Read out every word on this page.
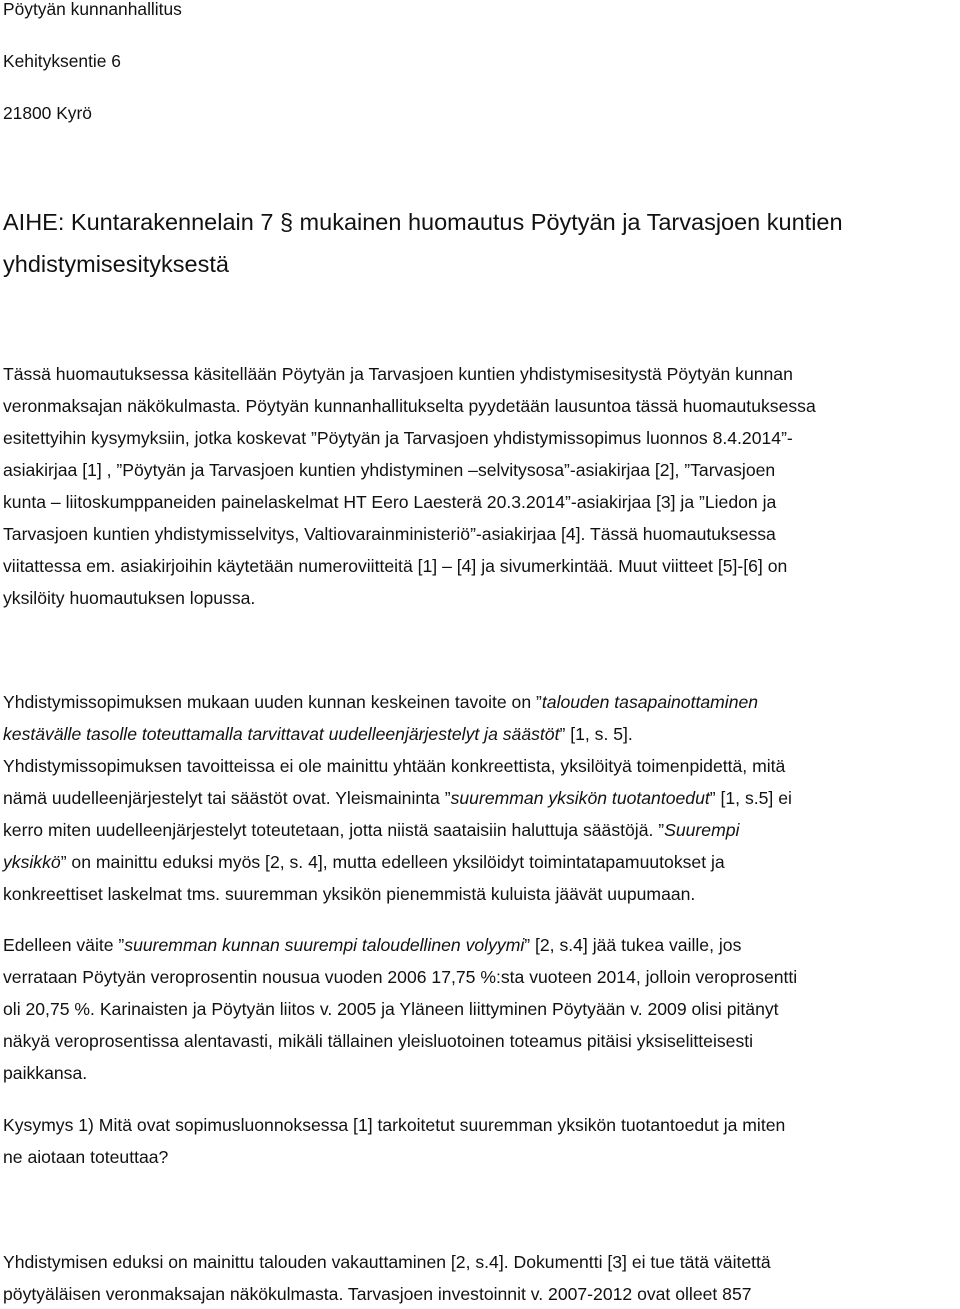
Pöytyän kunnanhallitus
Kehityksentie 6
21800 Kyrö
AIHE: Kuntarakennelain 7 § mukainen huomautus Pöytyän ja Tarvasjoen kuntien
yhdistymisesityksestä
Tässä huomautuksessa käsitellään Pöytyän ja Tarvasjoen kuntien yhdistymisesitystä Pöytyän kunnan
veronmaksajan näkökulmasta. Pöytyän kunnanhallitukselta pyydetään lausuntoa tässä huomautuksessa
esitettyihin kysymyksiin, jotka koskevat ”Pöytyän ja Tarvasjoen yhdistymissopimus luonnos 8.4.2014”-
asiakirjaa [1] , ”Pöytyän ja Tarvasjoen kuntien yhdistyminen –selvitysosa”-asiakirjaa [2], ”Tarvasjoen
kunta – liitoskumppaneiden painelaskelmat HT Eero Laesterä 20.3.2014”-asiakirjaa [3] ja ”Liedon ja
Tarvasjoen kuntien yhdistymisselvitys, Valtiovarainministeriö”-asiakirjaa [4]. Tässä huomautuksessa
viitattessa em. asiakirjoihin käytetään numeroviitteitä [1] – [4] ja sivumerkintää. Muut viitteet [5]-[6] on
yksilöity huomautuksen lopussa.
Yhdistymissopimuksen mukaan uuden kunnan keskeinen tavoite on ”talouden tasapainottaminen
kestävälle tasolle toteuttamalla tarvittavat uudelleenjärjestelyt ja säästöt” [1, s. 5].
Yhdistymissopimuksen tavoitteissa ei ole mainittu yhtään konkreettista, yksilöityä toimenpidettä, mitä
nämä uudelleenjärjestelyt tai säästöt ovat. Yleismaininta ”suuremman yksikön tuotantoedut” [1, s.5] ei
kerro miten uudelleenjärjestelyt toteutetaan, jotta niistä saataisiin haluttuja säästöjä. ”Suurempi
yksikkö” on mainittu eduksi myös [2, s. 4], mutta edelleen yksilöidyt toimintatapamuutokset ja
konkreettiset laskelmat tms. suuremman yksikön pienemmistä kuluista jäävät uupumaan.
Edelleen väite ”suuremman kunnan suurempi taloudellinen volyymi” [2, s.4] jää tukea vaille, jos
verrataan Pöytyän veroprosentin nousua vuoden 2006 17,75 %:sta vuoteen 2014, jolloin veroprosentti
oli 20,75 %. Karinaisten ja Pöytyän liitos v. 2005 ja Yläneen liittyminen Pöytyään v. 2009 olisi pitänyt
näkyä veroprosentissa alentavasti, mikäli tällainen yleisluotoinen toteamus pitäisi yksiselitteisesti
paikkansa.
Kysymys 1) Mitä ovat sopimusluonnoksessa [1] tarkoitetut suuremman yksikön tuotantoedut ja miten
ne aiotaan toteuttaa?
Yhdistymisen eduksi on mainittu talouden vakauttaminen [2, s.4]. Dokumentti [3] ei tue tätä väitettä
pöytyäläisen veronmaksajan näkökulmasta. Tarvasjoen investoinnit v. 2007-2012 ovat olleet 857
